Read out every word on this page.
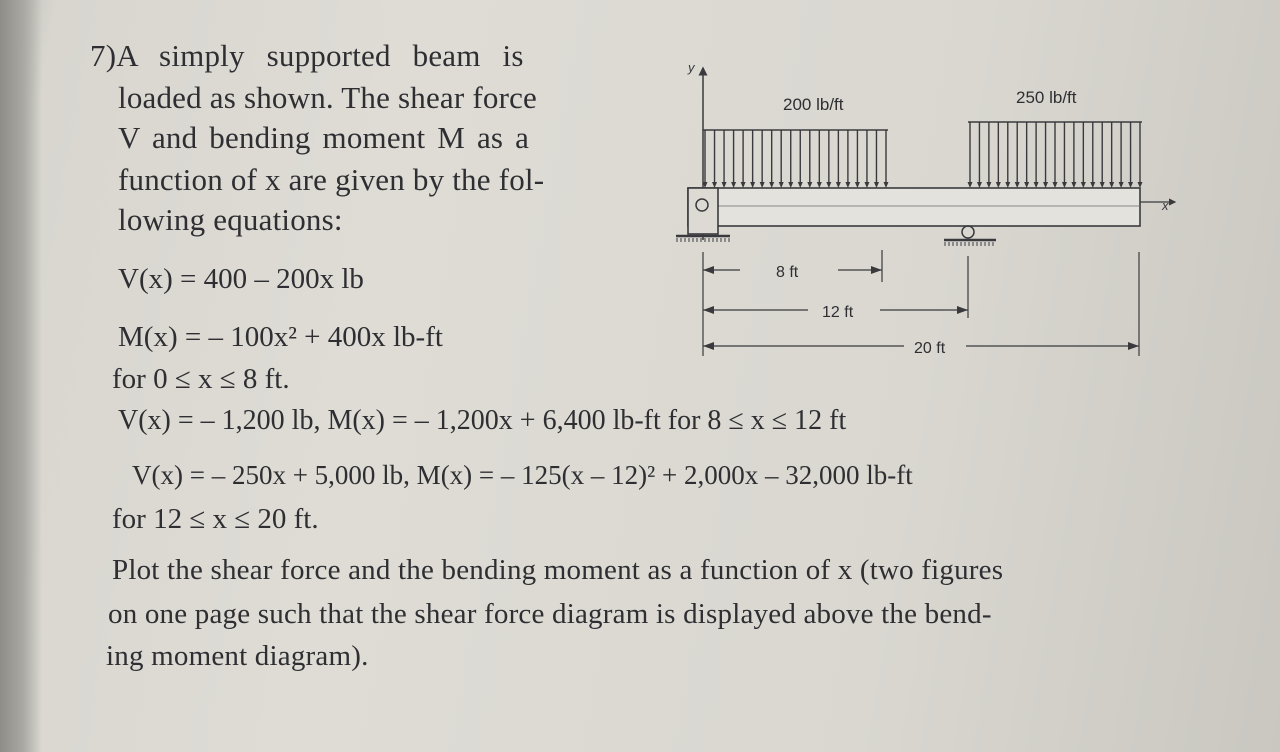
7)A simply supported beam is
loaded as shown. The shear force
V and bending moment M as a
function of x are given by the fol-
lowing equations:
V(x) = 400 – 200x lb
M(x) = – 100x² + 400x lb-ft
for 0 ≤ x ≤ 8 ft.
V(x) = – 1,200 lb, M(x) = – 1,200x + 6,400 lb-ft for 8 ≤ x ≤ 12 ft
V(x) = – 250x + 5,000 lb, M(x) = – 125(x – 12)² + 2,000x – 32,000 lb-ft
for 12 ≤ x ≤ 20 ft.
Plot the shear force and the bending moment as a function of x (two figures
on one page such that the shear force diagram is displayed above the bend-
ing moment diagram).
y
x
200 lb/ft	250 lb/ft
8 ft
12 ft
20 ft
